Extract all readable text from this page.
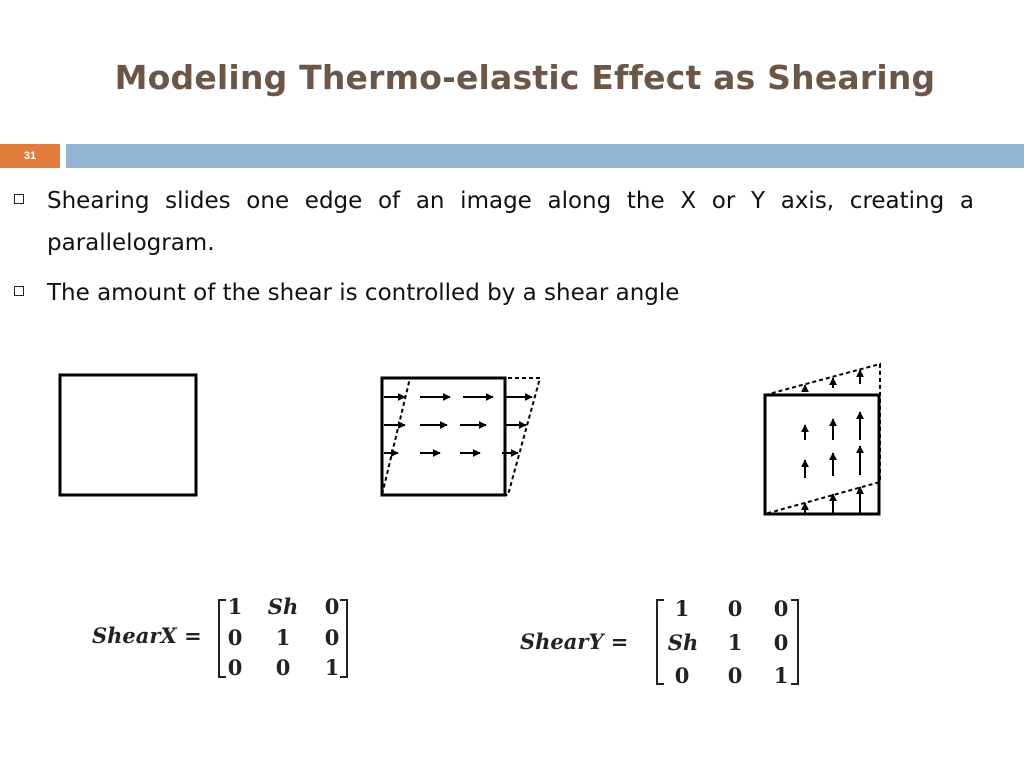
Modeling Thermo-elastic Effect as Shearing
31
Shearing slides one edge of an image along the X or Y axis, creating a parallelogram.
The amount of the shear is controlled by a shear angle
ShearX =
1 Sh 0
0 1 0
0 0 1
ShearY =
1 0 0
Sh 1 0
0 0 1
